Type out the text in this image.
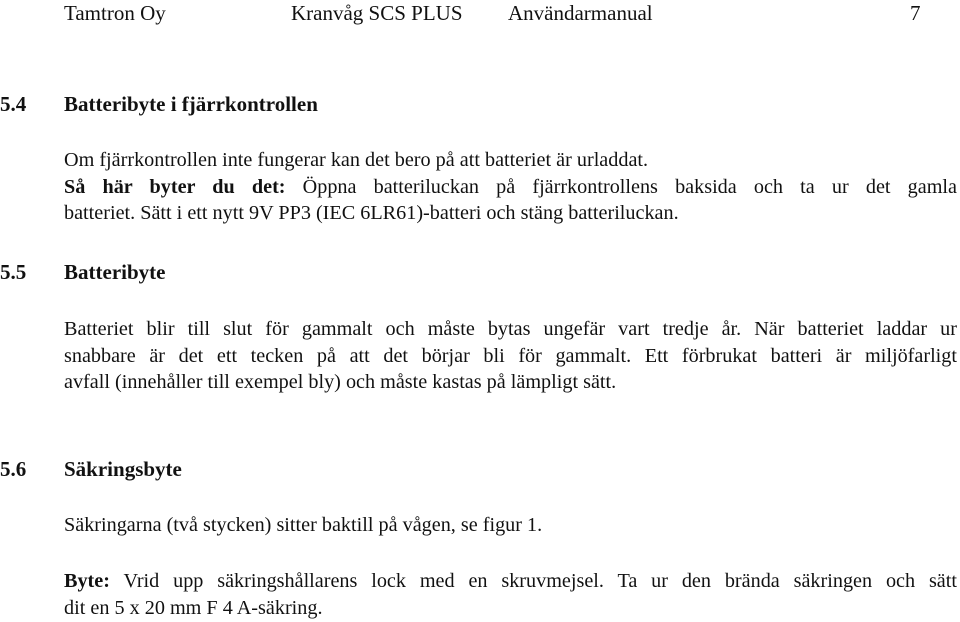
Tamtron Oy	Kranvåg SCS PLUS Användarmanual	7
5.4 Batteribyte i fjärrkontrollen
Om fjärrkontrollen inte fungerar kan det bero på att batteriet är urladdat.
Så här byter du det: Öppna batteriluckan på fjärrkontrollens baksida och ta ur det gamla
batteriet. Sätt i ett nytt 9V PP3 (IEC 6LR61)-batteri och stäng batteriluckan.
5.5 Batteribyte
Batteriet blir till slut för gammalt och måste bytas ungefär vart tredje år. När batteriet laddar ur
snabbare är det ett tecken på att det börjar bli för gammalt. Ett förbrukat batteri är miljöfarligt
avfall (innehåller till exempel bly) och måste kastas på lämpligt sätt.
5.6 Säkringsbyte
Säkringarna (två stycken) sitter baktill på vågen, se figur 1.
Byte: Vrid upp säkringshållarens lock med en skruvmejsel. Ta ur den brända säkringen och sätt
dit en 5 x 20 mm F 4 A-säkring.
